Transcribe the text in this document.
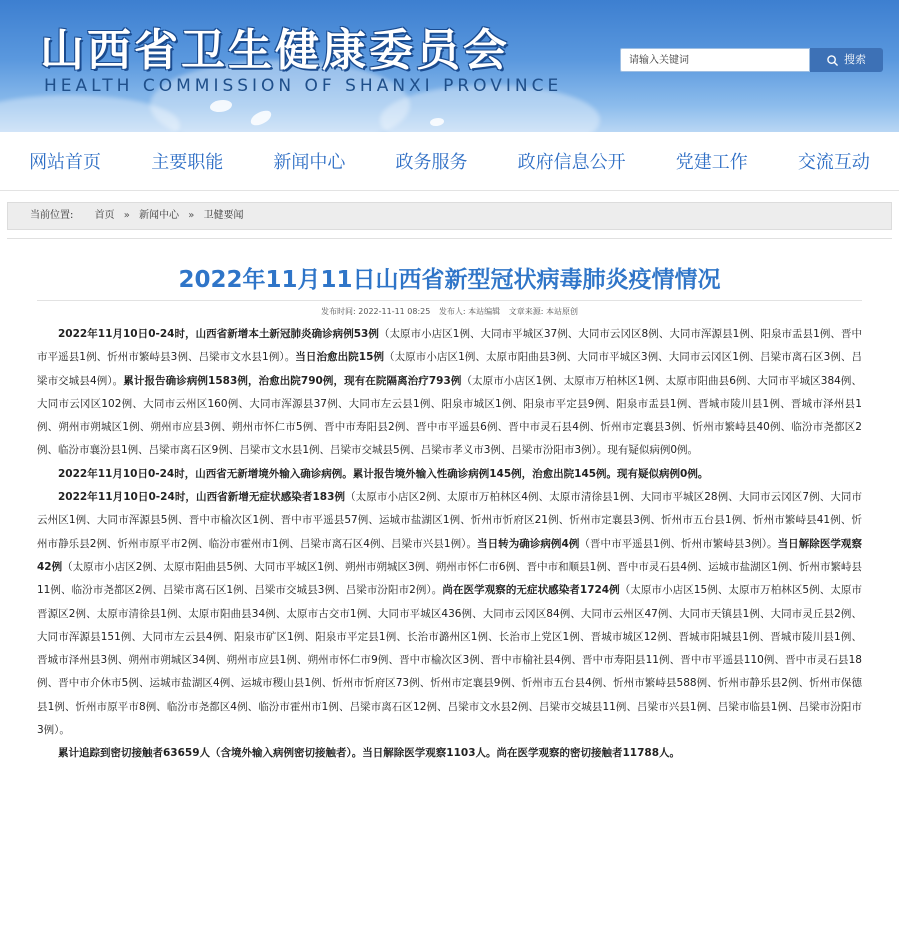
山西省卫生健康委员会
HEALTH COMMISSION OF SHANXI PROVINCE
请输入关键词	搜索
网站首页	主要职能	新闻中心	政务服务	政府信息公开	党建工作	交流互动
当前位置: 首页 » 新闻中心 » 卫健要闻
2022年11月11日山西省新型冠状病毒肺炎疫情情况
发布时间: 2022-11-11 08:25 发布人: 本站编辑 文章来源: 本站原创

2022年11月10日0-24时，山西省新增本土新冠肺炎确诊病例53例（太原市小店区1例、大同市平城区37例、大同市云冈区8例、大同市浑源县1例、阳泉市盂县1例、晋中市平遥县1例、忻州市繁峙县3例、吕梁市文水县1例）。当日治愈出院15例（太原市小店区1例、太原市阳曲县3例、大同市平城区3例、大同市云冈区1例、吕梁市离石区3例、吕梁市交城县4例）。累计报告确诊病例1583例，治愈出院790例，现有在院隔离治疗793例（太原市小店区1例、太原市万柏林区1例、太原市阳曲县6例、大同市平城区384例、大同市云冈区102例、大同市云州区160例、大同市浑源县37例、大同市左云县1例、阳泉市城区1例、阳泉市平定县9例、阳泉市盂县1例、晋城市陵川县1例、晋城市泽州县1例、朔州市朔城区1例、朔州市应县3例、朔州市怀仁市5例、晋中市寿阳县2例、晋中市平遥县6例、晋中市灵石县4例、忻州市定襄县3例、忻州市繁峙县40例、临汾市尧都区2例、临汾市襄汾县1例、吕梁市离石区9例、吕梁市文水县1例、吕梁市交城县5例、吕梁市孝义市3例、吕梁市汾阳市3例）。现有疑似病例0例。

2022年11月10日0-24时，山西省无新增境外输入确诊病例。累计报告境外输入性确诊病例145例，治愈出院145例。现有疑似病例0例。

2022年11月10日0-24时，山西省新增无症状感染者183例（太原市小店区2例、太原市万柏林区4例、太原市清徐县1例、大同市平城区28例、大同市云冈区7例、大同市云州区1例、大同市浑源县5例、晋中市榆次区1例、晋中市平遥县57例、运城市盐湖区1例、忻州市忻府区21例、忻州市定襄县3例、忻州市五台县1例、忻州市繁峙县41例、忻州市静乐县2例、忻州市原平市2例、临汾市霍州市1例、吕梁市离石区4例、吕梁市兴县1例）。当日转为确诊病例4例（晋中市平遥县1例、忻州市繁峙县3例）。当日解除医学观察42例（太原市小店区2例、太原市阳曲县5例、大同市平城区1例、朔州市朔城区3例、朔州市怀仁市6例、晋中市和顺县1例、晋中市灵石县4例、运城市盐湖区1例、忻州市繁峙县11例、临汾市尧都区2例、吕梁市离石区1例、吕梁市交城县3例、吕梁市汾阳市2例）。尚在医学观察的无症状感染者1724例（太原市小店区15例、太原市万柏林区5例、太原市晋源区2例、太原市清徐县1例、太原市阳曲县34例、太原市古交市1例、大同市平城区436例、大同市云冈区84例、大同市云州区47例、大同市天镇县1例、大同市灵丘县2例、大同市浑源县151例、大同市左云县4例、阳泉市矿区1例、阳泉市平定县1例、长治市潞州区1例、长治市上党区1例、晋城市城区12例、晋城市阳城县1例、晋城市陵川县1例、晋城市泽州县3例、朔州市朔城区34例、朔州市应县1例、朔州市怀仁市9例、晋中市榆次区3例、晋中市榆社县4例、晋中市寿阳县11例、晋中市平遥县110例、晋中市灵石县18例、晋中市介休市5例、运城市盐湖区4例、运城市稷山县1例、忻州市忻府区73例、忻州市定襄县9例、忻州市五台县4例、忻州市繁峙县588例、忻州市静乐县2例、忻州市保德县1例、忻州市原平市8例、临汾市尧都区4例、临汾市霍州市1例、吕梁市离石区12例、吕梁市文水县2例、吕梁市交城县11例、吕梁市兴县1例、吕梁市临县1例、吕梁市汾阳市3例）。

累计追踪到密切接触者63659人（含境外输入病例密切接触者）。当日解除医学观察1103人。尚在医学观察的密切接触者11788人。
